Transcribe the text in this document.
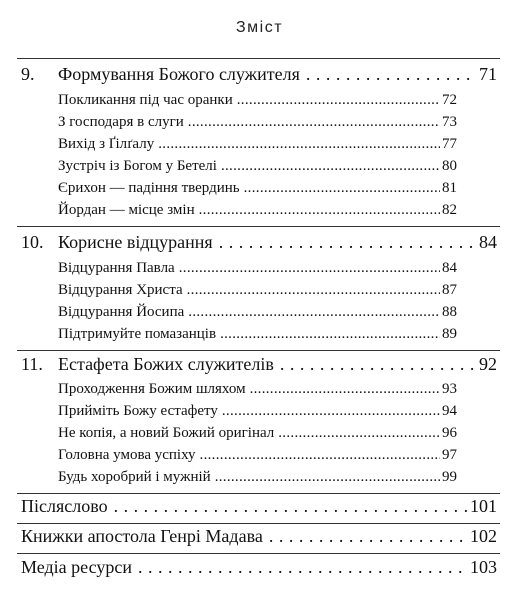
Зміст
9.	Формування Божого служителя . . .	71
Покликання під час оранки .....	72
З господаря в слуги .....	73
Вихід з Ґілґалу .....	77
Зустріч із Богом у Бетелі .....	80
Єрихон — падіння твердинь .....	81
Йордан — місце змін .....	82
10. Корисне відцурання . . .	84
Відцурання Павла .....	84
Відцурання Христа .....	87
Відцурання Йосипа .....	88
Підтримуйте помазанців .....	89
11. Естафета Божих служителів . . .	92
Проходження Божим шляхом .....	93
Прийміть Божу естафету .....	94
Не копія, а новий Божий оригінал .....	96
Головна умова успіху .....	97
Будь хоробрий і мужній .....	99
Післяслово . . .	101
Книжки апостола Генрі Мадава . . .	102
Медіа ресурси . . .	103
